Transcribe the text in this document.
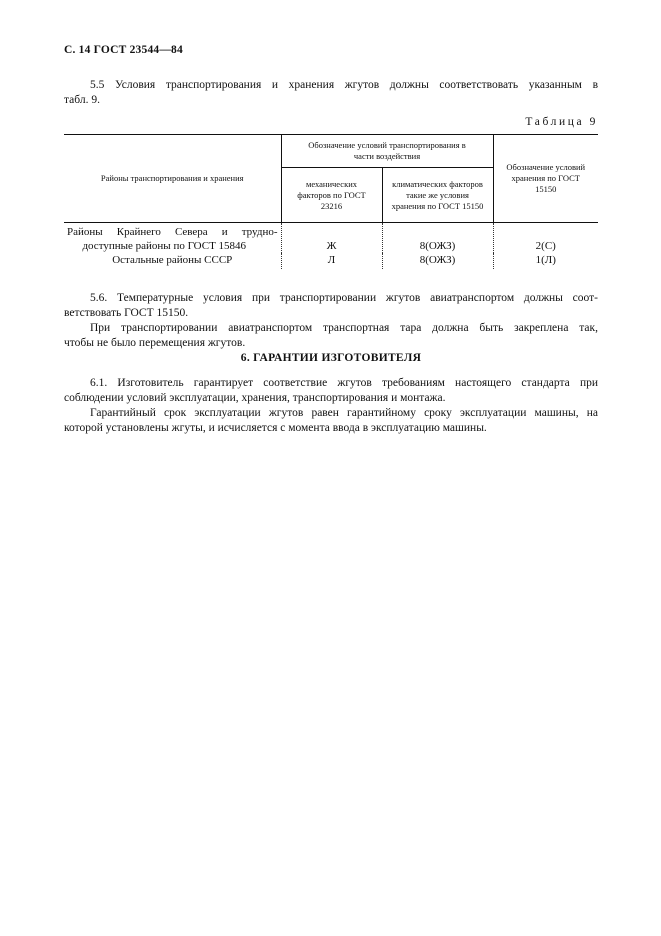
С. 14 ГОСТ 23544—84
5.5 Условия транспортирования и хранения жгутов должны соответствовать указанным в
табл. 9.
Таблица 9
Районы транспортирования и хранения	Обозначение условий транспортирования в части воздействия		Обозначение условий хранения по ГОСТ 15150
	механических факторов по ГОСТ 23216	климатических факторов такие же условия хранения по ГОСТ 15150	

Районы Крайнего Севера и трудно-
доступные районы по ГОСТ 15846	Ж	8(ОЖЗ)	2(С)
Остальные районы СССР	Л	8(ОЖЗ)	1(Л)
5.6. Температурные условия при транспортировании жгутов авиатранспортом должны соот-
ветствовать ГОСТ 15150.
При транспортировании авиатранспортом транспортная тара должна быть закреплена так,
чтобы не было перемещения жгутов.
6. ГАРАНТИИ ИЗГОТОВИТЕЛЯ
6.1. Изготовитель гарантирует соответствие жгутов требованиям настоящего стандарта при
соблюдении условий эксплуатации, хранения, транспортирования и монтажа.
Гарантийный срок эксплуатации жгутов равен гарантийному сроку эксплуатации машины, на
которой установлены жгуты, и исчисляется с момента ввода в эксплуатацию машины.
